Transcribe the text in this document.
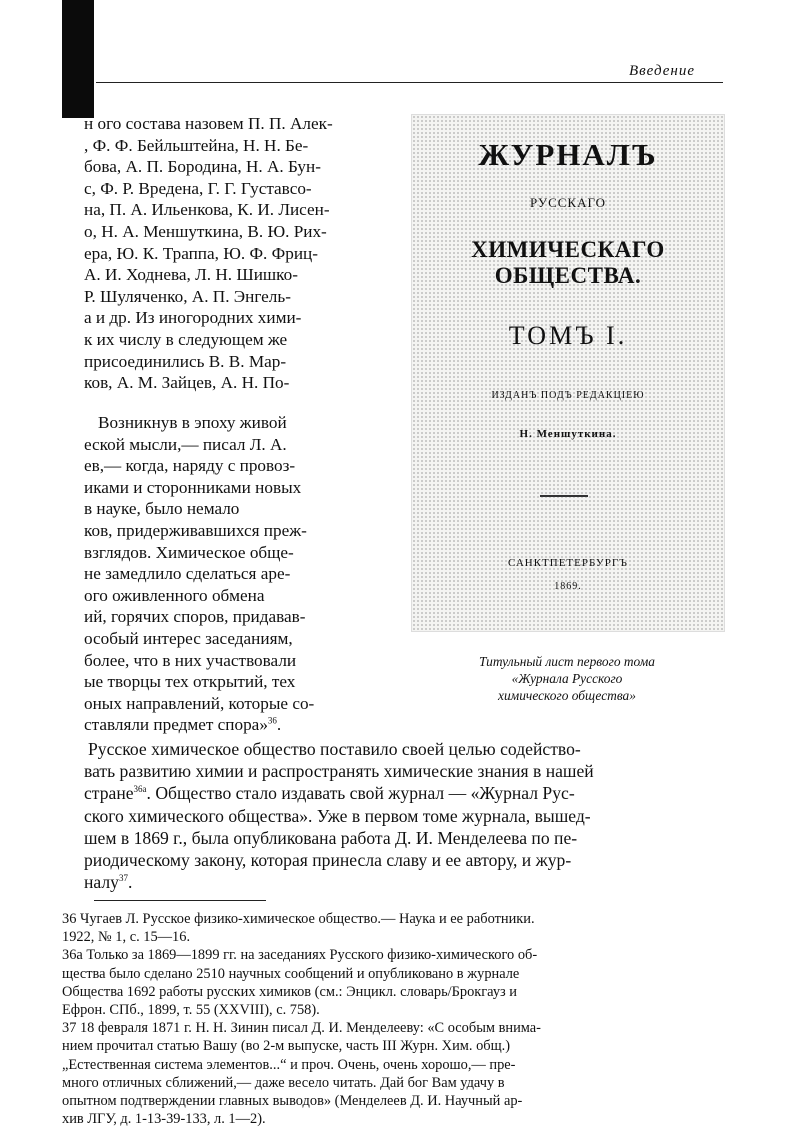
Введение
н ого состава назовем П. П. Алек-
, Ф. Ф. Бейльштейна, Н. Н. Бе-
бова, А. П. Бородина, Н. А. Бун-
с, Ф. Р. Вредена, Г. Г. Густавсо-
на, П. А. Ильенкова, К. И. Лисен-
о, Н. А. Меншуткина, В. Ю. Рих-
ера, Ю. К. Траппа, Ю. Ф. Фриц-
А. И. Ходнева, Л. Н. Шишко-
Р. Шуляченко, А. П. Энгель-
а и др. Из иногородних хими-
к их числу в следующем же
присоединились В. В. Мар-
ков, А. М. Зайцев, А. Н. По-
Возникнув в эпоху живой
еской мысли,— писал Л. А.
ев,— когда, наряду с провоз-
иками и сторонниками новых
в науке, было немало
ков, придерживавшихся преж-
взглядов. Химическое обще-
не замедлило сделаться аре-
ого оживленного обмена
ий, горячих споров, придавав-
особый интерес заседаниям,
более, что в них участвовали
ые творцы тех открытий, тех
оных направлений, которые со-
ставляли предмет спора»$^{36}$.
Русское химическое общество поставило своей целью содейство-
вать развитию химии и распространять химические знания в нашей
стране$^{36а}$. Общество стало издавать свой журнал — «Журнал Рус-
ского химического общества». Уже в первом томе журнала, вышед-
шем в 1869 г., была опубликована работа Д. И. Менделеева по пе-
риодическому закону, которая принесла славу и ее автору, и жур-
налу$^{37}$.
ЖУРНАЛЪ
РУССКАГО
ХИМИЧЕСКАГО ОБЩЕСТВА.
ТОМЪ I.
ИЗДАНЪ ПОДЪ РЕДАКЦІЕЮ
Н. Меншуткина.
САНКТПЕТЕРБУРГЪ
1869.
Титульный лист первого тома
«Журнала Русского
химического общества»
36 Чугаев Л. Русское физико-химическое общество.— Наука и ее работники.
1922, № 1, с. 15—16.
36а Только за 1869—1899 гг. на заседаниях Русского физико-химического об-
щества было сделано 2510 научных сообщений и опубликовано в журнале
Общества 1692 работы русских химиков (см.: Энцикл. словарь/Брокгауз и
Ефрон. СПб., 1899, т. 55 (XXVIII), с. 758).
37 18 февраля 1871 г. Н. Н. Зинин писал Д. И. Менделееву: «С особым внима-
нием прочитал статью Вашу (во 2-м выпуске, часть III Журн. Хим. общ.)
„Естественная система элементов...“ и проч. Очень, очень хорошо,— пре-
много отличных сближений,— даже весело читать. Дай бог Вам удачу в
опытном подтверждении главных выводов» (Менделеев Д. И. Научный ар-
хив ЛГУ, д. 1-13-39-133, л. 1—2).
